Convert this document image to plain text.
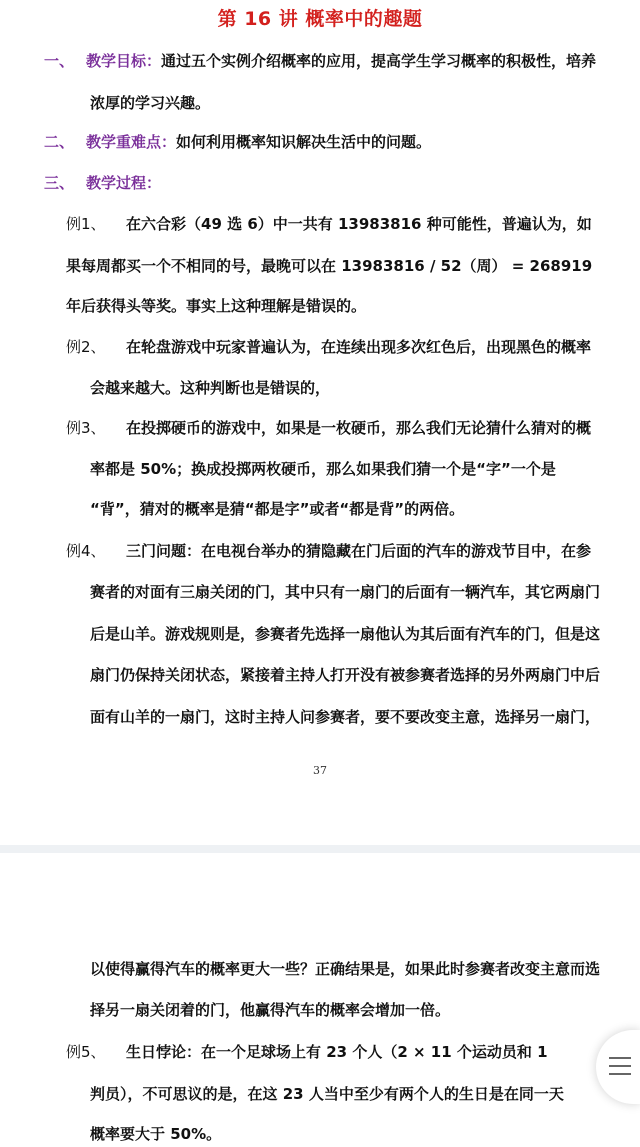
第 16 讲 概率中的趣题
一、 教学目标：通过五个实例介绍概率的应用，提高学生学习概率的积极性，培养
浓厚的学习兴趣。
二、 教学重难点：如何利用概率知识解决生活中的问题。
三、 教学过程：
例1、 在六合彩（49 选 6）中一共有 13983816 种可能性，普遍认为，如
果每周都买一个不相同的号，最晚可以在 13983816 / 52（周） = 268919
年后获得头等奖。事实上这种理解是错误的。
例2、 在轮盘游戏中玩家普遍认为，在连续出现多次红色后，出现黑色的概率
会越来越大。这种判断也是错误的，
例3、 在投掷硬币的游戏中，如果是一枚硬币，那么我们无论猜什么猜对的概
率都是 50%；换成投掷两枚硬币，那么如果我们猜一个是“字”一个是
“背”，猜对的概率是猜“都是字”或者“都是背”的两倍。
例4、 三门问题：在电视台举办的猜隐藏在门后面的汽车的游戏节目中，在参
赛者的对面有三扇关闭的门，其中只有一扇门的后面有一辆汽车，其它两扇门
后是山羊。游戏规则是，参赛者先选择一扇他认为其后面有汽车的门，但是这
扇门仍保持关闭状态，紧接着主持人打开没有被参赛者选择的另外两扇门中后
面有山羊的一扇门，这时主持人问参赛者，要不要改变主意，选择另一扇门，
37
以使得赢得汽车的概率更大一些？正确结果是，如果此时参赛者改变主意而选
择另一扇关闭着的门，他赢得汽车的概率会增加一倍。
例5、 生日悖论：在一个足球场上有 23 个人（2 × 11 个运动员和 1
判员），不可思议的是，在这 23 人当中至少有两个人的生日是在同一天
概率要大于 50%。
